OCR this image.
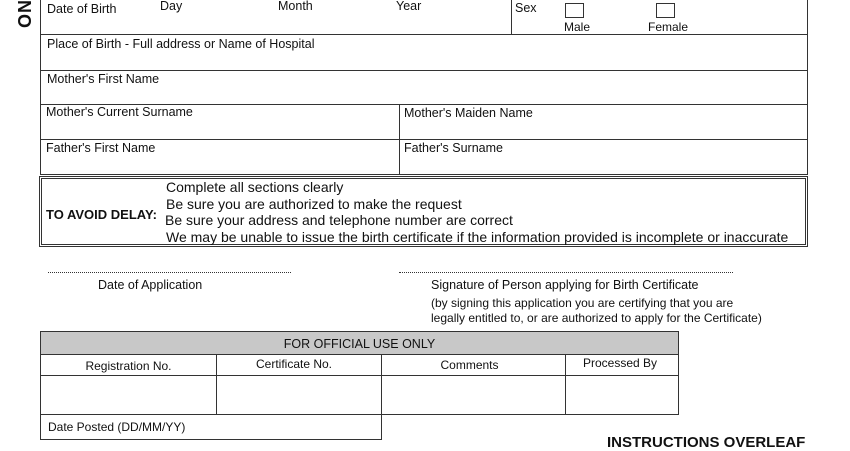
NO Date of Birth	Day	Month	Year	Sex
Male	Female
Place of Birth - Full address or Name of Hospital
Mother's First Name
Mother's Current Surname	Mother's Maiden Name
Father's First Name	Father's Surname
TO AVOID DELAY:
Complete all sections clearly
Be sure you are authorized to make the request
Be sure your address and telephone number are correct
We may be unable to issue the birth certificate if the information provided is incomplete or inaccurate
Date of Application	Signature of Person applying for Birth Certificate
(by signing this application you are certifying that you are
legally entitled to, or are authorized to apply for the Certificate)
FOR OFFICIAL USE ONLY
Registration No.	Certificate No.	Comments	Processed By
Date Posted (DD/MM/YY)
INSTRUCTIONS OVERLEAF
